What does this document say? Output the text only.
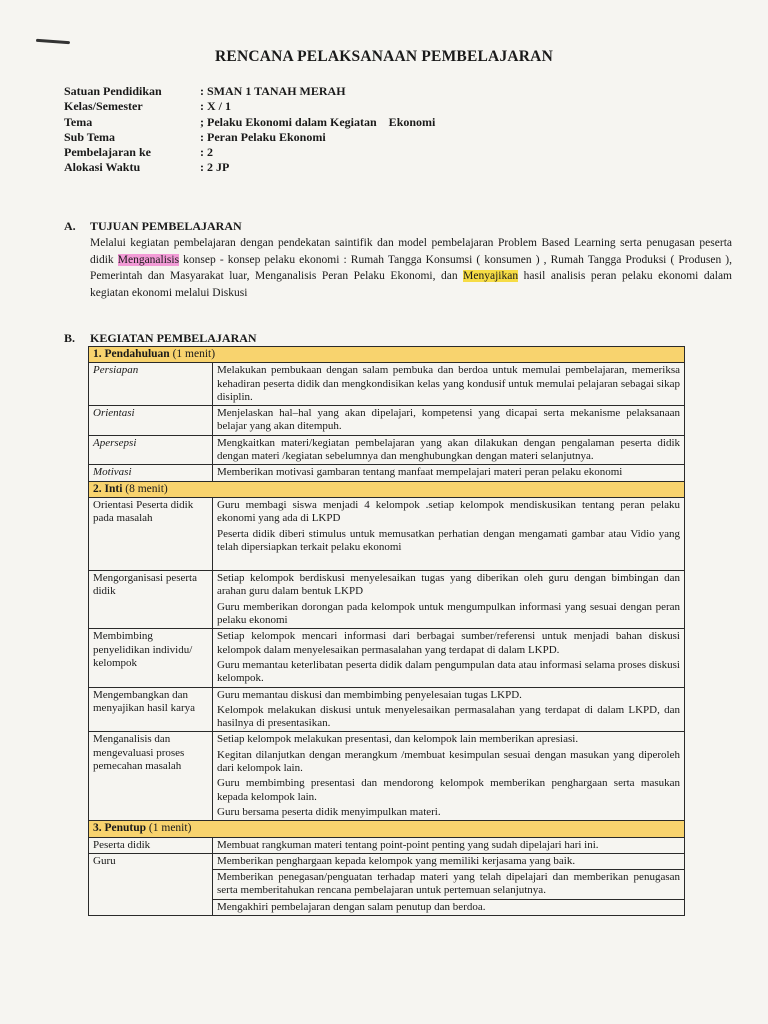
RENCANA PELAKSANAAN PEMBELAJARAN
Satuan Pendidikan	: SMAN 1 TANAH MERAH
Kelas/Semester	: X / 1
Tema	; Pelaku Ekonomi dalam Kegiatan    Ekonomi
Sub Tema	: Peran Pelaku Ekonomi
Pembelajaran ke	: 2
Alokasi Waktu	: 2 JP
A. TUJUAN PEMBELAJARAN

Melalui kegiatan pembelajaran dengan pendekatan saintifik dan model pembelajaran Problem Based Learning serta penugasan peserta didik Menganalisis konsep - konsep pelaku ekonomi : Rumah Tangga Konsumsi ( konsumen ) , Rumah Tangga Produksi ( Produsen ), Pemerintah dan Masyarakat luar, Menganalisis Peran Pelaku Ekonomi, dan Menyajikan hasil analisis peran pelaku ekonomi dalam kegiatan ekonomi melalui Diskusi

B. KEGIATAN PEMBELAJARAN
1. Pendahuluan (1 menit)	
Persiapan	Melakukan pembukaan dengan salam pembuka dan berdoa untuk memulai pembelajaran, memeriksa kehadiran peserta didik dan mengkondisikan kelas yang kondusif untuk memulai pelajaran sebagai sikap disiplin.

Orientasi	Menjelaskan hal–hal yang akan dipelajari, kompetensi yang dicapai serta mekanisme pelaksanaan belajar yang akan ditempuh.

Apersepsi	Mengkaitkan materi/kegiatan pembelajaran yang akan dilakukan dengan pengalaman peserta didik dengan materi /kegiatan sebelumnya dan menghubungkan dengan materi selanjutnya.

Motivasi	Memberikan motivasi gambaran tentang manfaat mempelajari materi peran pelaku ekonomi

2. Inti (8 menit)	
Orientasi Peserta didik pada masalah	Guru membagi siswa menjadi 4 kelompok .setiap kelompok mendiskusikan tentang peran pelaku ekonomi yang ada di LKPD

Peserta didik diberi stimulus untuk memusatkan perhatian dengan mengamati gambar atau Vidio yang telah dipersiapkan terkait pelaku ekonomi

Mengorganisasi peserta didik	Setiap kelompok berdiskusi menyelesaikan tugas yang diberikan oleh guru dengan bimbingan dan arahan guru dalam bentuk LKPD

Guru memberikan dorongan pada kelompok untuk mengumpulkan informasi yang sesuai dengan peran pelaku ekonomi

Membimbing penyelidikan individu/ kelompok	Setiap kelompok mencari informasi dari berbagai sumber/referensi untuk menjadi bahan diskusi kelompok dalam menyelesaikan permasalahan yang terdapat di dalam LKPD.

Guru memantau keterlibatan peserta didik dalam pengumpulan data atau informasi selama proses diskusi kelompok.

Mengembangkan dan menyajikan hasil karya	Guru memantau diskusi dan membimbing penyelesaian tugas LKPD.

Kelompok melakukan diskusi untuk menyelesaikan permasalahan yang terdapat di dalam LKPD, dan hasilnya di presentasikan.

Menganalisis dan mengevaluasi proses pemecahan masalah	Setiap kelompok melakukan presentasi, dan kelompok lain memberikan apresiasi.

Kegitan dilanjutkan dengan merangkum /membuat kesimpulan sesuai dengan masukan yang diperoleh dari kelompok lain.

Guru membimbing presentasi dan mendorong kelompok memberikan penghargaan serta masukan kepada kelompok lain.

Guru bersama peserta didik menyimpulkan materi.

3. Penutup (1 menit)	
Peserta didik	Membuat rangkuman materi tentang point-point penting yang sudah dipelajari hari ini.

Guru	Memberikan penghargaan kepada kelompok yang memiliki kerjasama yang baik.

	Memberikan penegasan/penguatan terhadap materi yang telah dipelajari dan memberikan penugasan serta memberitahukan rencana pembelajaran untuk pertemuan selanjutnya.

	Mengakhiri pembelajaran dengan salam penutup dan berdoa.
